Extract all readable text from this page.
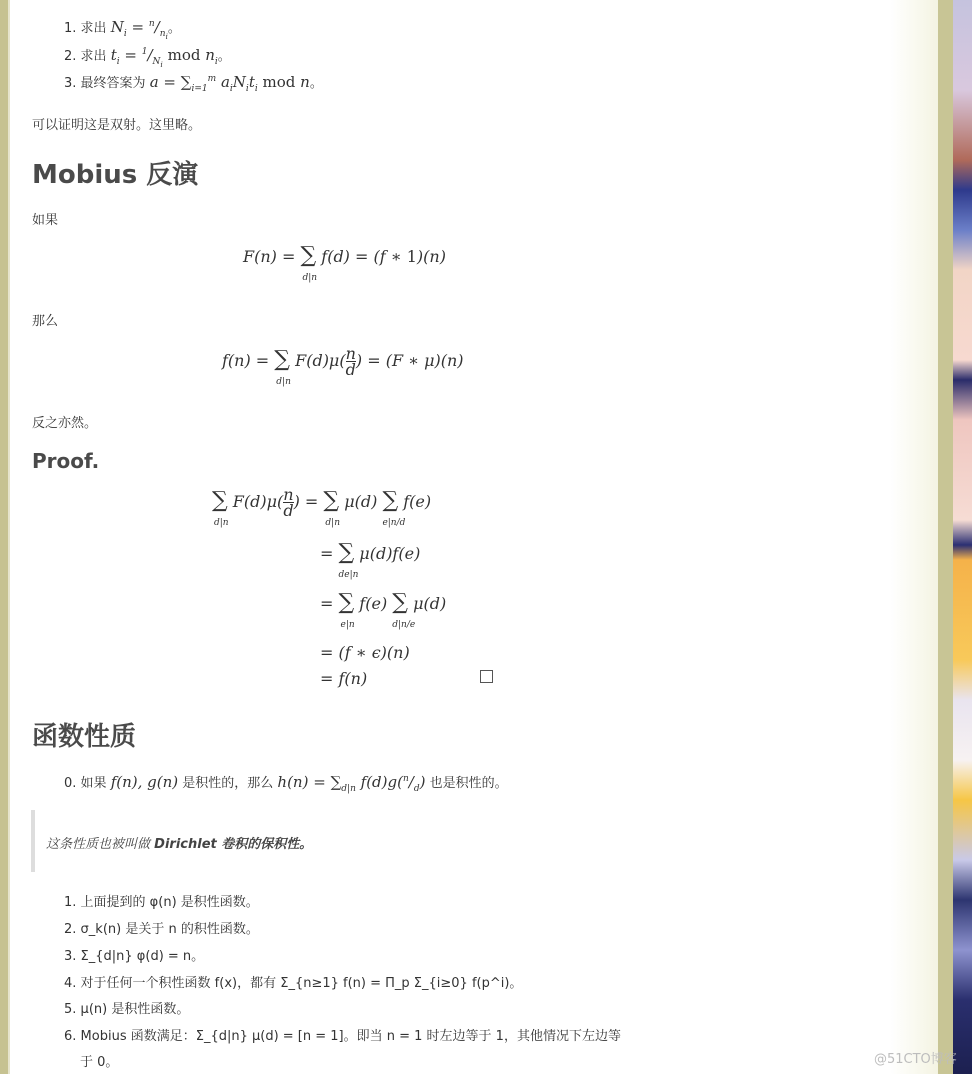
1. 求出 $N_i = ^n/_{n_i}$。
2. 求出 $t_i = ^1/_{N_i}$ mod $n_i$。
3. 最终答案为 $a = \sum_{i=1}^m$ $a_iN_it_i$ mod n。
可以证明这是双射。这里略。
Mobius 反演
如果
F(n) = ∑
d|n
f(d) = (f ∗ 1)(n)
那么
f(n) = ∑
d|n
$F(d)\mu( \frac{n}{d}$ ) = (F ∗ μ)(n)
反之亦然。
Proof.
∑
d|n
$F(d)\mu( \frac{n}{d}$ ) = ∑
d|n
μ(d) ∑
e|n/d
f(e)
= ∑
de|n
μ(d)f(e)
= ∑
e|n
f(e) ∑
d|n/e
μ(d)
= (f ∗ ϵ)(n)
= f(n)
函数性质
0. 如果 f(n), g(n) 是积性的，那么 $h(n) = \sum_{d|n}$ $f(d)g(^n/_d)$ 也是积性的。
这条性质也被叫做 Dirichlet 卷积的保积性。
1. 上面提到的 φ(n) 是积性函数。
2. σ_k(n) 是关于 n 的积性函数。
3. Σ_{d|n} φ(d) = n。
4. 对于任何一个积性函数 f(x)，都有 Σ_{n≥1} f(n) = Π_p Σ_{i≥0} f(p^i)。
5. μ(n) 是积性函数。
6. Mobius 函数满足：Σ_{d|n} μ(d) = [n = 1]。即当 n = 1 时左边等于 1，其他情况下左边等
于 0。	@51CTO博客
